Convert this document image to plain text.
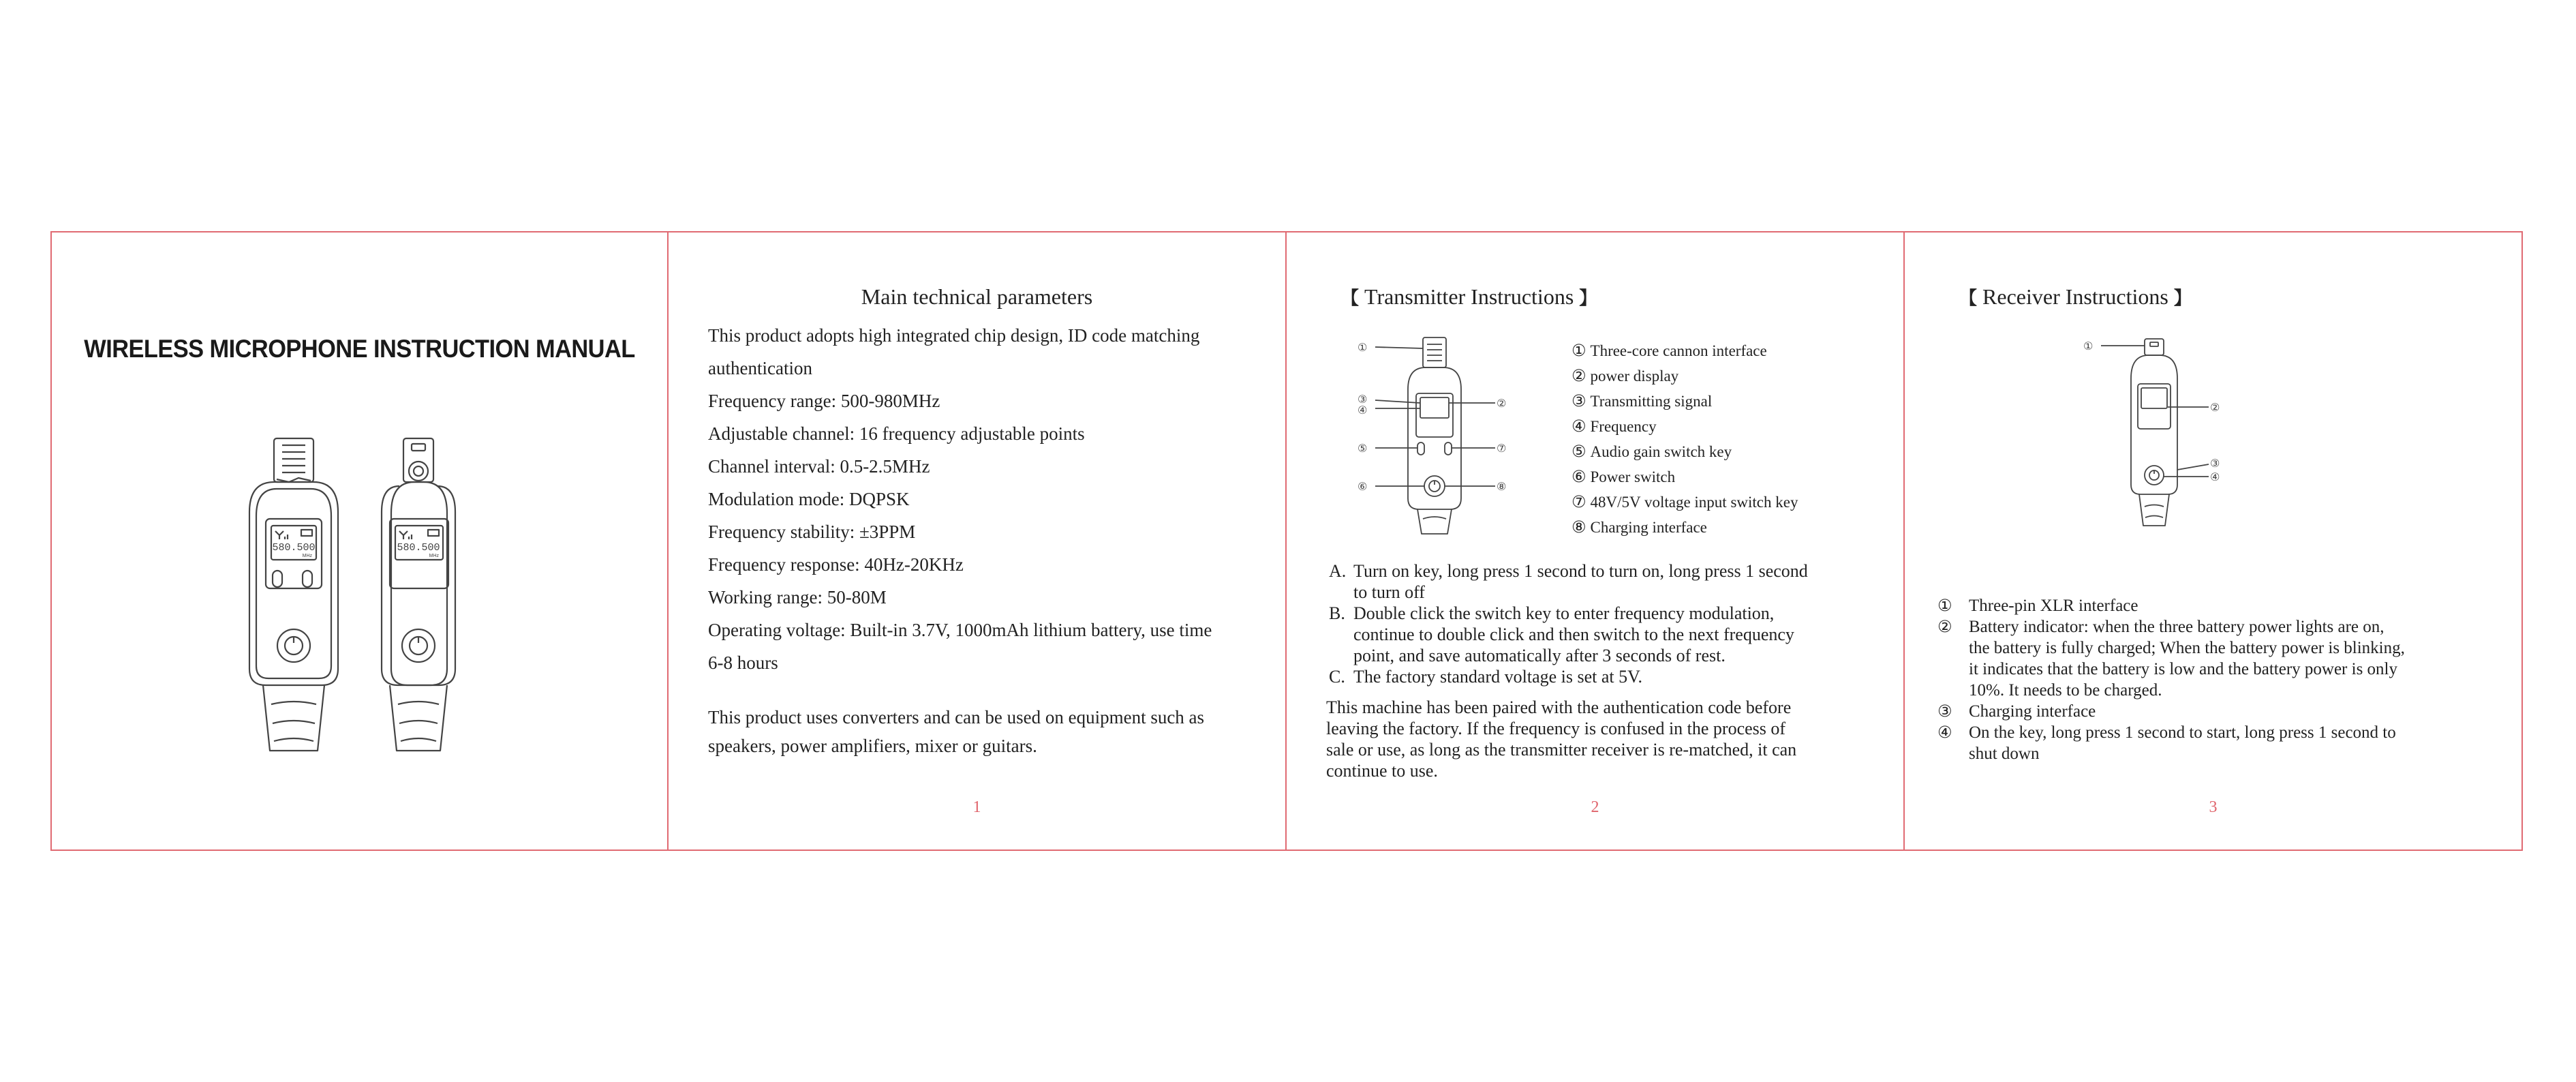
WIRELESS MICROPHONE INSTRUCTION MANUAL
580.500
MHz
580.500
MHz
Main technical parameters

This product adopts high integrated chip design, ID code matching

authentication

Frequency range: 500-980MHz

Adjustable channel: 16 frequency adjustable points

Channel interval: 0.5-2.5MHz

Modulation mode: DQPSK

Frequency stability: ±3PPM

Frequency response: 40Hz-20KHz

Working range: 50-80M

Operating voltage: Built-in 3.7V, 1000mAh lithium battery, use time

6-8 hours

This product uses converters and can be used on equipment such as

speakers, power amplifiers, mixer or guitars.

1
【 Transmitter Instructions 】
①
③
④
②
⑤	⑦
⑥	⑧
① Three-core cannon interface
② power display
③ Transmitting signal
④ Frequency
⑤ Audio gain switch key
⑥ Power switch
⑦ 48V/5V voltage input switch key
⑧ Charging interface
A. Turn on key, long press 1 second to turn on, long press 1 second
to turn off
B. Double click the switch key to enter frequency modulation,
continue to double click and then switch to the next frequency
point, and save automatically after 3 seconds of rest.
C. The factory standard voltage is set at 5V.
This machine has been paired with the authentication code before
leaving the factory. If the frequency is confused in the process of
sale or use, as long as the transmitter receiver is re-matched, it can
continue to use.
2
【 Receiver Instructions 】
①
②
③
④
① Three-pin XLR interface
② Battery indicator: when the three battery power lights are on,
the battery is fully charged; When the battery power is blinking,
it indicates that the battery is low and the battery power is only
10%. It needs to be charged.
③ Charging interface
④ On the key, long press 1 second to start, long press 1 second to
shut down
3
